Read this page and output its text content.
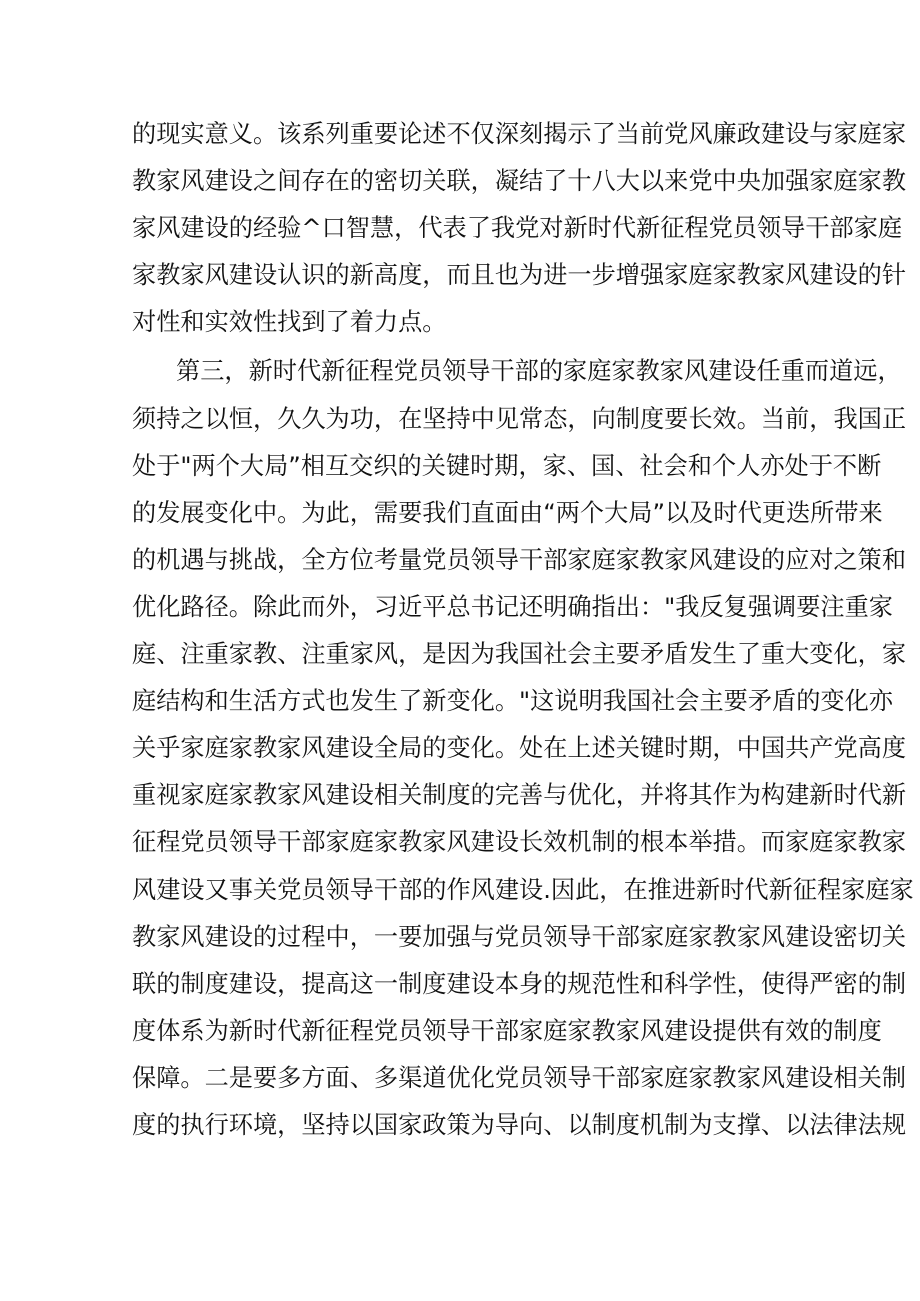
的现实意义。该系列重要论述不仅深刻揭示了当前党风廉政建设与家庭家
教家风建设之间存在的密切关联，凝结了十八大以来党中央加强家庭家教
家风建设的经验^口智慧，代表了我党对新时代新征程党员领导干部家庭
家教家风建设认识的新高度，而且也为进一步增强家庭家教家风建设的针
对性和实效性找到了着力点。
第三，新时代新征程党员领导干部的家庭家教家风建设任重而道远，
须持之以恒，久久为功，在坚持中见常态，向制度要长效。当前，我国正
处于"两个大局”相互交织的关键时期，家、国、社会和个人亦处于不断
的发展变化中。为此，需要我们直面由“两个大局”以及时代更迭所带来
的机遇与挑战，全方位考量党员领导干部家庭家教家风建设的应对之策和
优化路径。除此而外，习近平总书记还明确指出："我反复强调要注重家
庭、注重家教、注重家风，是因为我国社会主要矛盾发生了重大变化，家
庭结构和生活方式也发生了新变化。"这说明我国社会主要矛盾的变化亦
关乎家庭家教家风建设全局的变化。处在上述关键时期，中国共产党高度
重视家庭家教家风建设相关制度的完善与优化，并将其作为构建新时代新
征程党员领导干部家庭家教家风建设长效机制的根本举措。而家庭家教家
风建设又事关党员领导干部的作风建设.因此，在推进新时代新征程家庭家
教家风建设的过程中，一要加强与党员领导干部家庭家教家风建设密切关
联的制度建设，提高这一制度建设本身的规范性和科学性，使得严密的制
度体系为新时代新征程党员领导干部家庭家教家风建设提供有效的制度
保障。二是要多方面、多渠道优化党员领导干部家庭家教家风建设相关制
度的执行环境，坚持以国家政策为导向、以制度机制为支撑、以法律法规
